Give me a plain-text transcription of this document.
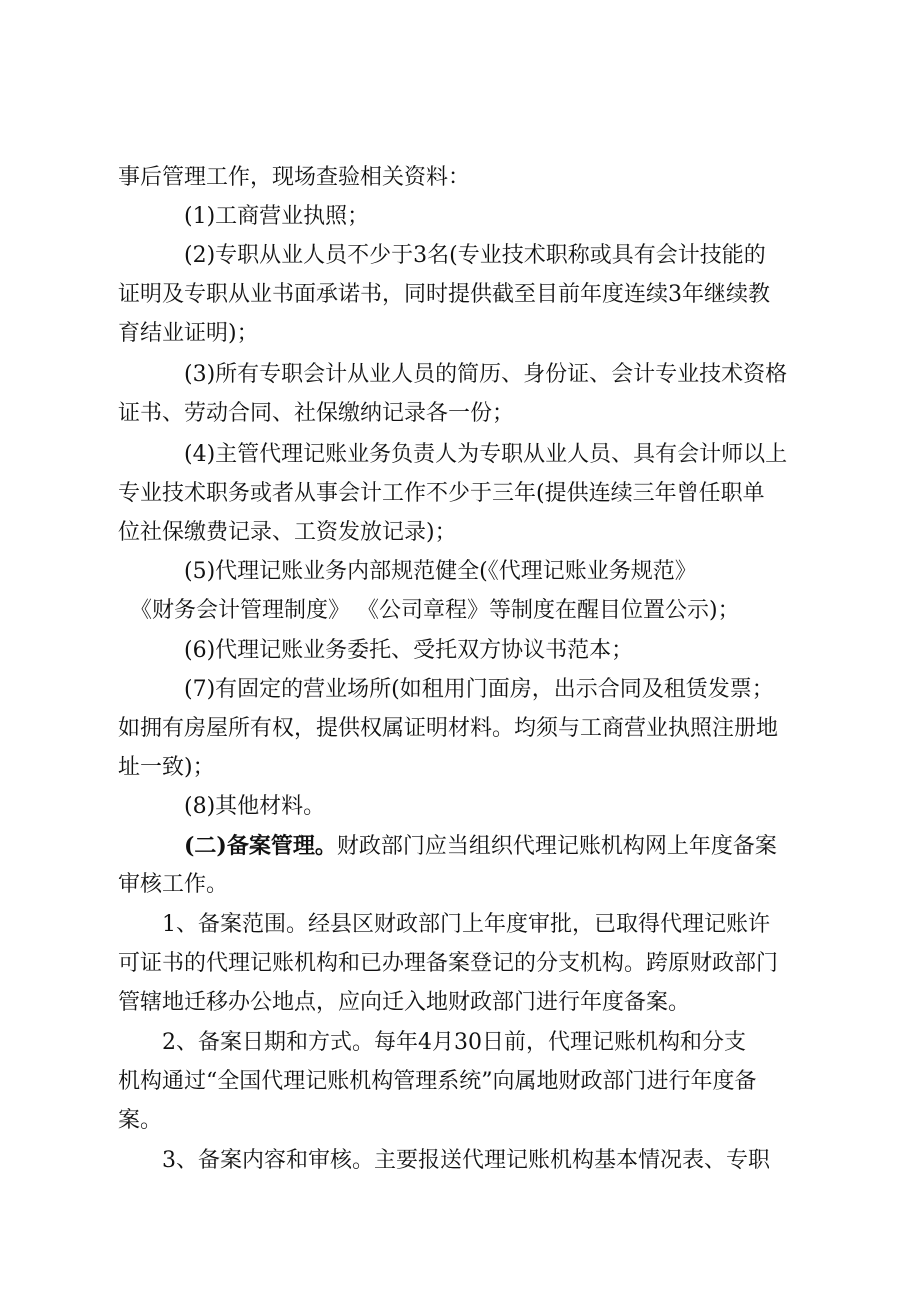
事后管理工作，现场查验相关资料：
(1)工商营业执照；
(2)专职从业人员不少于3名(专业技术职称或具有会计技能的
证明及专职从业书面承诺书，同时提供截至目前年度连续3年继续教
育结业证明)；
(3)所有专职会计从业人员的简历、身份证、会计专业技术资格
证书、劳动合同、社保缴纳记录各一份；
(4)主管代理记账业务负责人为专职从业人员、具有会计师以上
专业技术职务或者从事会计工作不少于三年(提供连续三年曾任职单
位社保缴费记录、工资发放记录)；
(5)代理记账业务内部规范健全(《代理记账业务规范》
《财务会计管理制度》 《公司章程》等制度在醒目位置公示)；
(6)代理记账业务委托、受托双方协议书范本；
(7)有固定的营业场所(如租用门面房，出示合同及租赁发票；
如拥有房屋所有权，提供权属证明材料。均须与工商营业执照注册地
址一致)；
(8)其他材料。
(二)备案管理。财政部门应当组织代理记账机构网上年度备案
审核工作。
1、备案范围。经县区财政部门上年度审批，已取得代理记账许
可证书的代理记账机构和已办理备案登记的分支机构。跨原财政部门
管辖地迁移办公地点，应向迁入地财政部门进行年度备案。
2、备案日期和方式。每年4月30日前，代理记账机构和分支
机构通过“全国代理记账机构管理系统”向属地财政部门进行年度备
案。
3、备案内容和审核。主要报送代理记账机构基本情况表、专职
